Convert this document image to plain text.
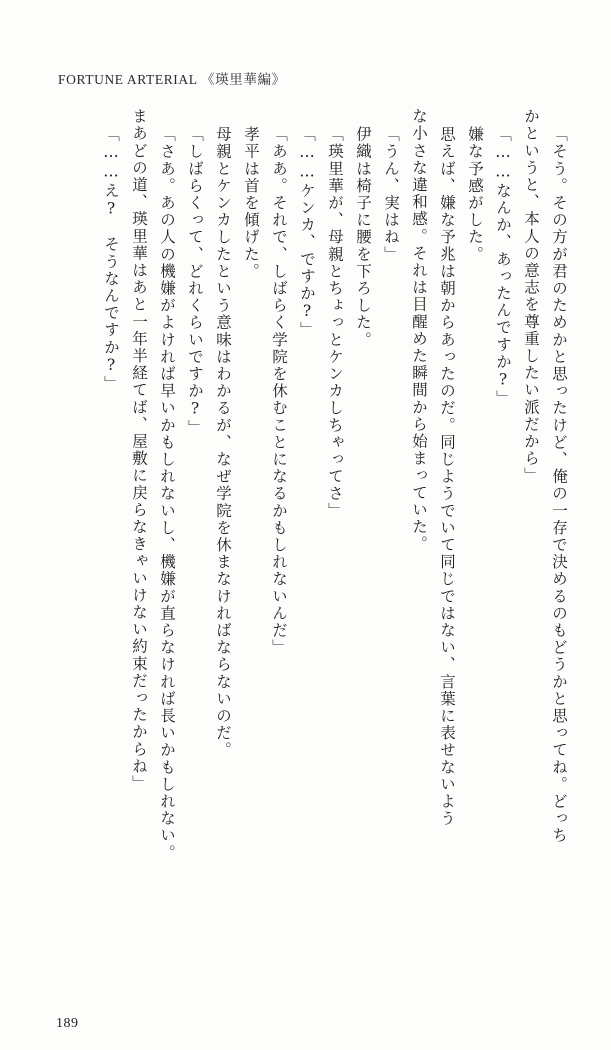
FORTUNE ARTERIAL 《瑛里華編》
「そう。その方が君のためかと思ったけど、俺の一存で決めるのもどうかと思ってね。どっち
かというと、本人の意志を尊重したい派だから」
「……なんか、あったんですか?」
嫌な予感がした。
思えば、嫌な予兆は朝からあったのだ。同じようでいて同じではない、言葉に表せないよう
な小さな違和感。それは目醒めた瞬間から始まっていた。
「うん、実はね」
伊織は椅子に腰を下ろした。
「瑛里華が、母親とちょっとケンカしちゃってさ」
「……ケンカ、ですか?」
「ああ。それで、しばらく学院を休むことになるかもしれないんだ」
孝平は首を傾げた。
母親とケンカしたという意味はわかるが、なぜ学院を休まなければならないのだ。
「しばらくって、どれくらいですか?」
「さあ。あの人の機嫌がよければ早いかもしれないし、機嫌が直らなければ長いかもしれない。
まあどの道、瑛里華はあと一年半経てば、屋敷に戻らなきゃいけない約束だったからね」
「……え?　そうなんですか?」
189
